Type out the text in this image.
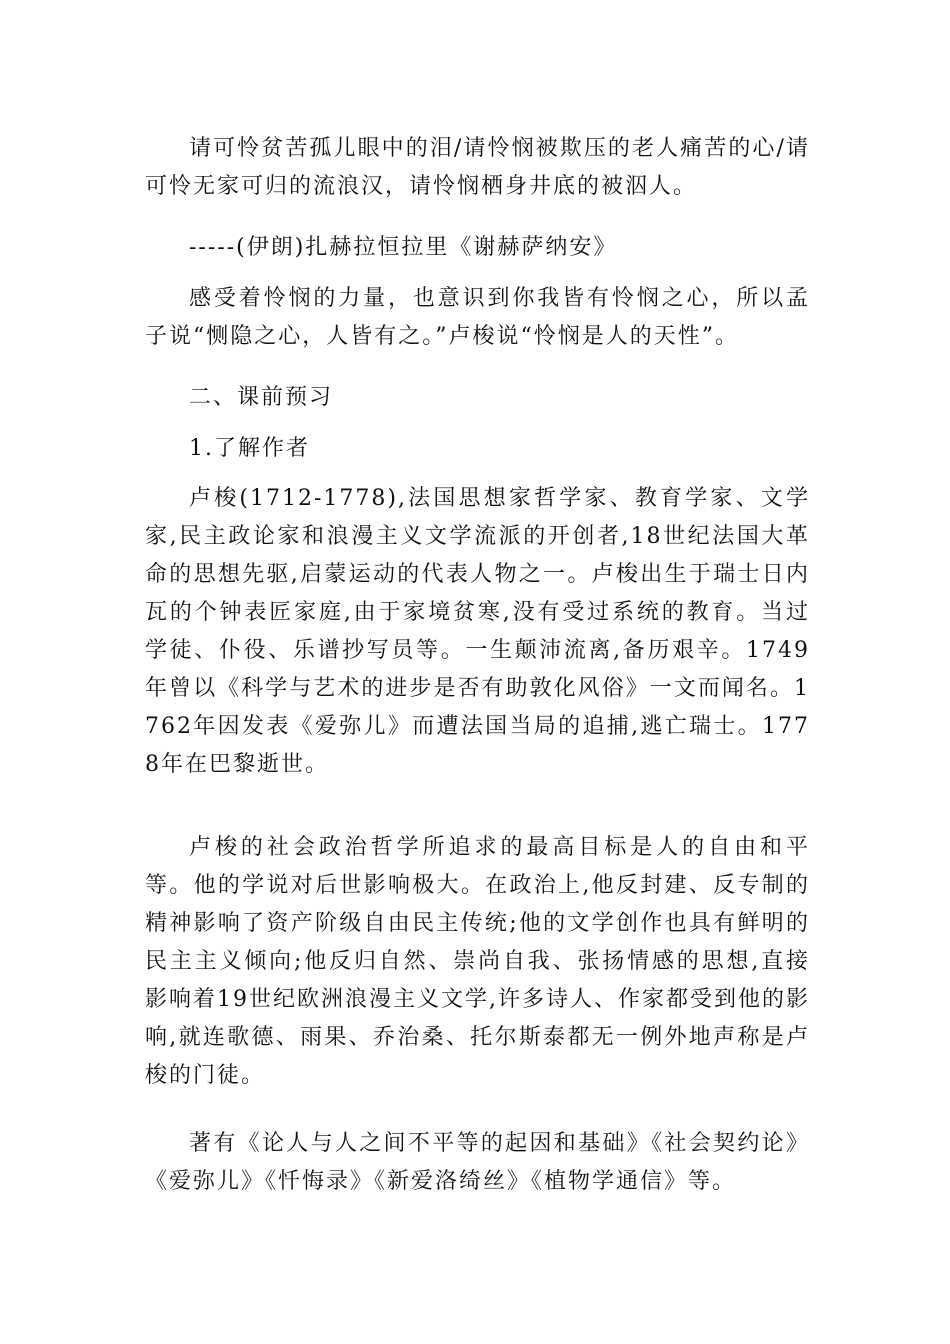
请可怜贫苦孤儿眼中的泪/请怜悯被欺压的老人痛苦的心/请可怜无家可归的流浪汉，请怜悯栖身井底的被泅人。

-----(伊朗)扎赫拉恒拉里《谢赫萨纳安》

感受着怜悯的力量，也意识到你我皆有怜悯之心，所以孟子说“恻隐之心，人皆有之。”卢梭说“怜悯是人的天性”。

二、课前预习

1.了解作者

卢梭(1712-1778),法国思想家哲学家、教育学家、文学家,民主政论家和浪漫主义文学流派的开创者,18世纪法国大革命的思想先驱,启蒙运动的代表人物之一。卢梭出生于瑞士日内瓦的个钟表匠家庭,由于家境贫寒,没有受过系统的教育。当过学徒、仆役、乐谱抄写员等。一生颠沛流离,备历艰辛。1749年曾以《科学与艺术的进步是否有助敦化风俗》一文而闻名。1762年因发表《爱弥儿》而遭法国当局的追捕,逃亡瑞士。1778年在巴黎逝世。

卢梭的社会政治哲学所追求的最高目标是人的自由和平等。他的学说对后世影响极大。在政治上,他反封建、反专制的精神影响了资产阶级自由民主传统;他的文学创作也具有鲜明的民主主义倾向;他反归自然、崇尚自我、张扬情感的思想,直接影响着19世纪欧洲浪漫主义文学,许多诗人、作家都受到他的影响,就连歌德、雨果、乔治桑、托尔斯泰都无一例外地声称是卢梭的门徒。

著有《论人与人之间不平等的起因和基础》《社会契约论》《爱弥儿》《忏悔录》《新爱洛绮丝》《植物学通信》等。
